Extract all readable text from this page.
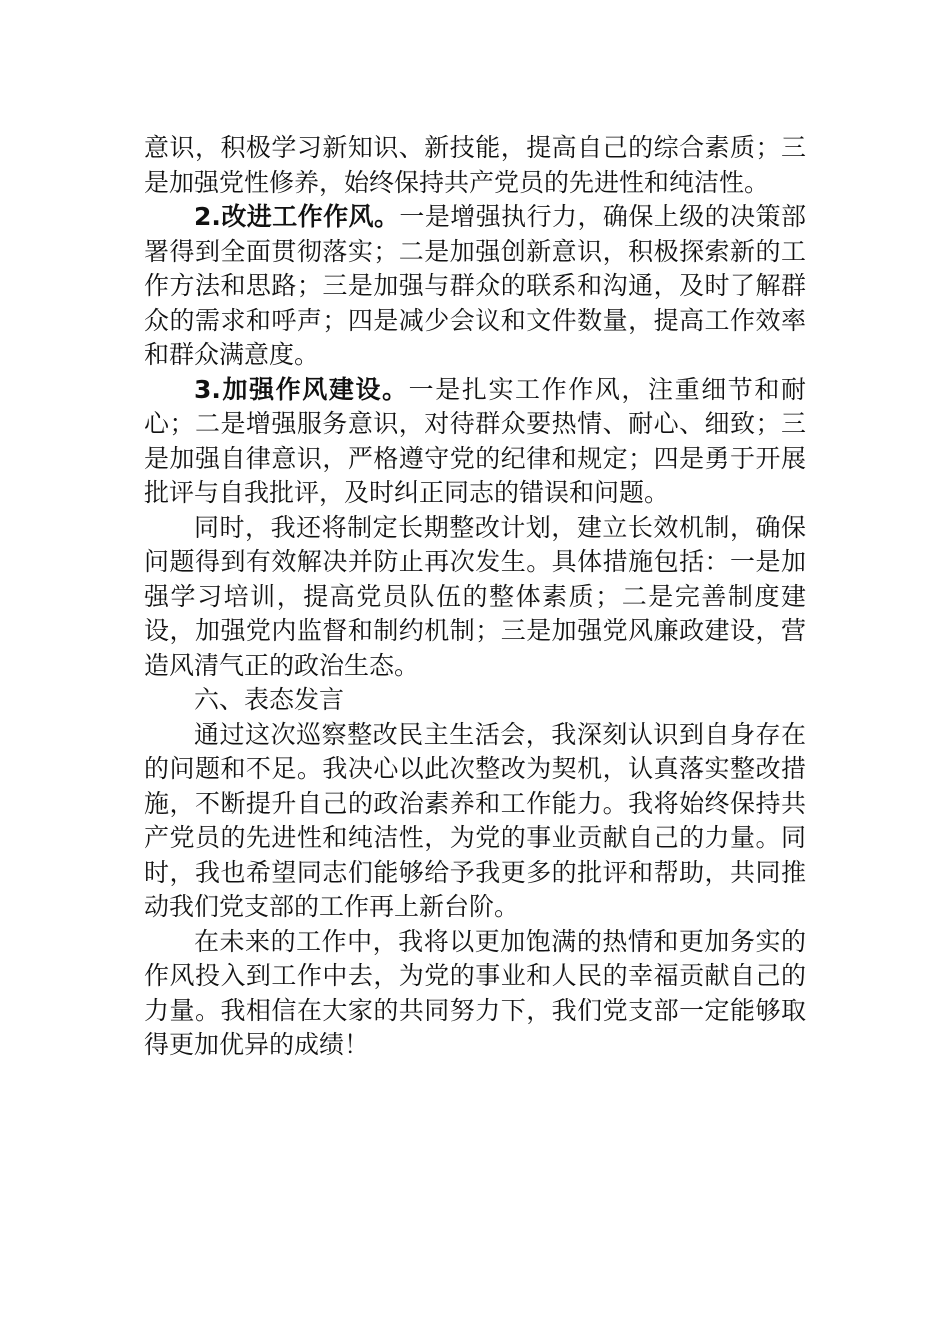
意识，积极学习新知识、新技能，提高自己的综合素质；三是加强党性修养，始终保持共产党员的先进性和纯洁性。

2.改进工作作风。一是增强执行力，确保上级的决策部署得到全面贯彻落实；二是加强创新意识，积极探索新的工作方法和思路；三是加强与群众的联系和沟通，及时了解群众的需求和呼声；四是减少会议和文件数量，提高工作效率和群众满意度。

3.加强作风建设。一是扎实工作作风，注重细节和耐心；二是增强服务意识，对待群众要热情、耐心、细致；三是加强自律意识，严格遵守党的纪律和规定；四是勇于开展批评与自我批评，及时纠正同志的错误和问题。

同时，我还将制定长期整改计划，建立长效机制，确保问题得到有效解决并防止再次发生。具体措施包括：一是加强学习培训，提高党员队伍的整体素质；二是完善制度建设，加强党内监督和制约机制；三是加强党风廉政建设，营造风清气正的政治生态。

六、表态发言

通过这次巡察整改民主生活会，我深刻认识到自身存在的问题和不足。我决心以此次整改为契机，认真落实整改措施，不断提升自己的政治素养和工作能力。我将始终保持共产党员的先进性和纯洁性，为党的事业贡献自己的力量。同时，我也希望同志们能够给予我更多的批评和帮助，共同推动我们党支部的工作再上新台阶。

在未来的工作中，我将以更加饱满的热情和更加务实的作风投入到工作中去，为党的事业和人民的幸福贡献自己的力量。我相信在大家的共同努力下，我们党支部一定能够取得更加优异的成绩！
